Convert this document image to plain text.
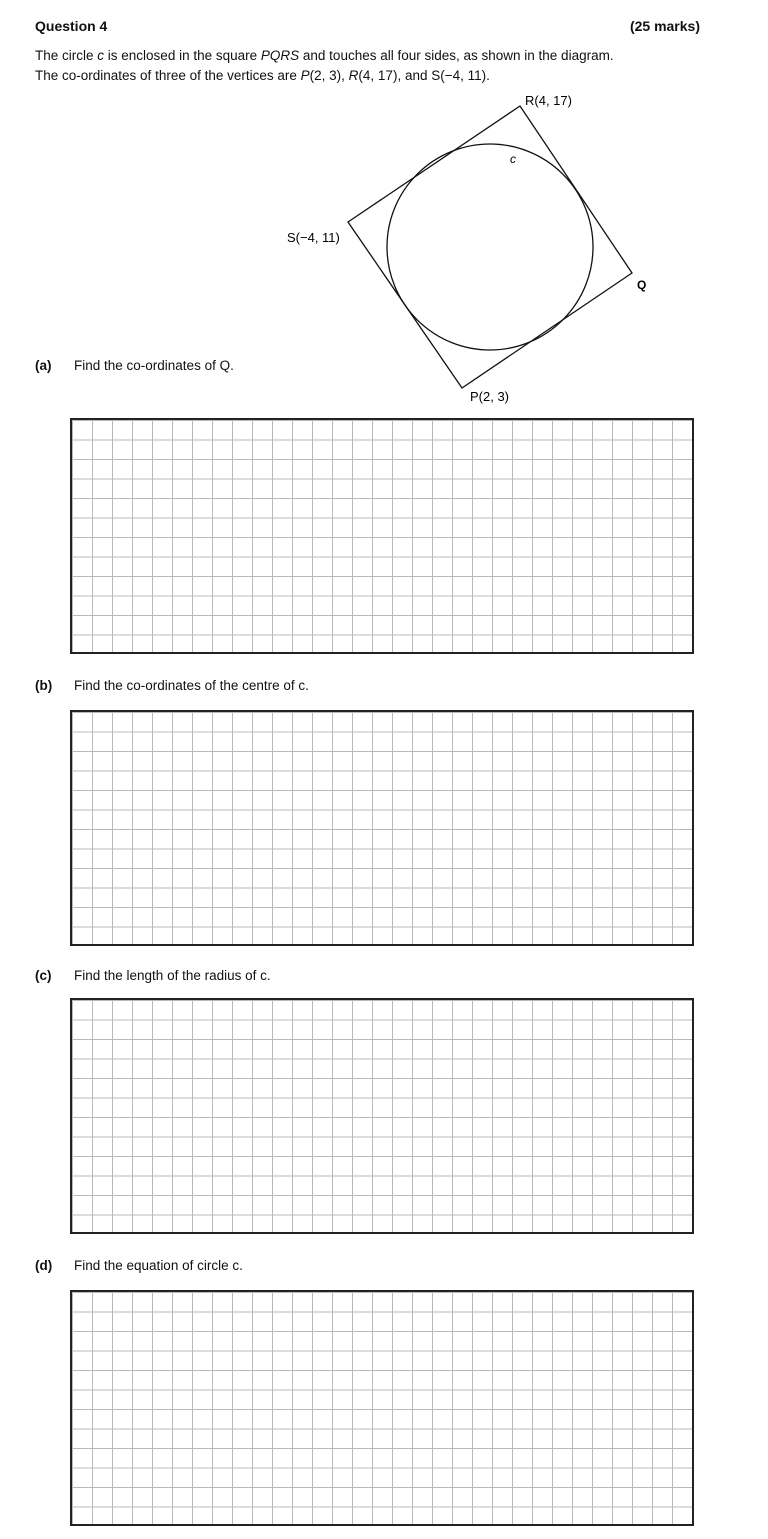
Question 4	(25 marks)
The circle c is enclosed in the square PQRS and touches all four sides, as shown in the diagram.
The co-ordinates of three of the vertices are P(2, 3), R(4, 17), and S(−4, 11).
R(4, 17)
S(−4, 11)
P(2, 3)
Q
c
(a) Find the co-ordinates of Q.
(b) Find the co-ordinates of the centre of c.
(c) Find the length of the radius of c.
(d) Find the equation of circle c.
